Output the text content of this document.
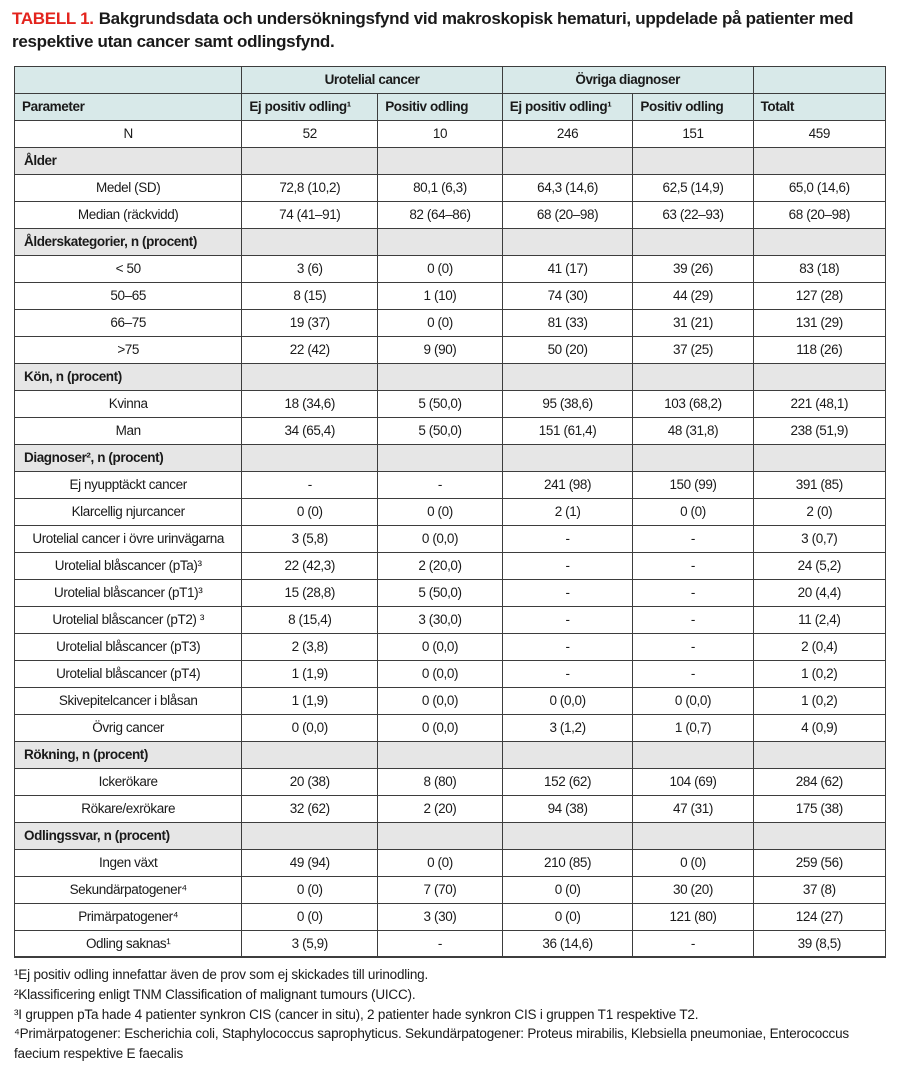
TABELL 1. Bakgrundsdata och undersökningsfynd vid makroskopisk hematuri, uppdelade på patienter med respektive utan cancer samt odlingsfynd.

	Urotelial cancer		Övriga diagnoser		
Parameter	Ej positiv odling¹	Positiv odling	Ej positiv odling¹	Positiv odling	Totalt
N	52	10	246	151	459
Ålder					
Medel (SD)	72,8 (10,2)	80,1 (6,3)	64,3 (14,6)	62,5 (14,9)	65,0 (14,6)
Median (räckvidd)	74 (41–91)	82 (64–86)	68 (20–98)	63 (22–93)	68 (20–98)
Ålderskategorier, n (procent)					
< 50	3 (6)	0 (0)	41 (17)	39 (26)	83 (18)
50–65	8 (15)	1 (10)	74 (30)	44 (29)	127 (28)
66–75	19 (37)	0 (0)	81 (33)	31 (21)	131 (29)
>75	22 (42)	9 (90)	50 (20)	37 (25)	118 (26)
Kön, n (procent)					
Kvinna	18 (34,6)	5 (50,0)	95 (38,6)	103 (68,2)	221 (48,1)
Man	34 (65,4)	5 (50,0)	151 (61,4)	48 (31,8)	238 (51,9)
Diagnoser², n (procent)					
Ej nyupptäckt cancer	-	-	241 (98)	150 (99)	391 (85)
Klarcellig njurcancer	0 (0)	0 (0)	2 (1)	0 (0)	2 (0)
Urotelial cancer i övre urinvägarna	3 (5,8)	0 (0,0)	-	-	3 (0,7)
Urotelial blåscancer (pTa)³	22 (42,3)	2 (20,0)	-	-	24 (5,2)
Urotelial blåscancer (pT1)³	15 (28,8)	5 (50,0)	-	-	20 (4,4)
Urotelial blåscancer (pT2) ³	8 (15,4)	3 (30,0)	-	-	11 (2,4)
Urotelial blåscancer (pT3)	2 (3,8)	0 (0,0)	-	-	2 (0,4)
Urotelial blåscancer (pT4)	1 (1,9)	0 (0,0)	-	-	1 (0,2)
Skivepitelcancer i blåsan	1 (1,9)	0 (0,0)	0 (0,0)	0 (0,0)	1 (0,2)
Övrig cancer	0 (0,0)	0 (0,0)	3 (1,2)	1 (0,7)	4 (0,9)
Rökning, n (procent)					
Ickerökare	20 (38)	8 (80)	152 (62)	104 (69)	284 (62)
Rökare/exrökare	32 (62)	2 (20)	94 (38)	47 (31)	175 (38)
Odlingssvar, n (procent)					
Ingen växt	49 (94)	0 (0)	210 (85)	0 (0)	259 (56)
Sekundärpatogener⁴	0 (0)	7 (70)	0 (0)	30 (20)	37 (8)
Primärpatogener⁴	0 (0)	3 (30)	0 (0)	121 (80)	124 (27)
Odling saknas¹	3 (5,9)	-	36 (14,6)	-	39 (8,5)

¹Ej positiv odling innefattar även de prov som ej skickades till urinodling.

²Klassificering enligt TNM Classification of malignant tumours (UICC).

³I gruppen pTa hade 4 patienter synkron CIS (cancer in situ), 2 patienter hade synkron CIS i gruppen T1 respektive T2.

⁴Primärpatogener: Escherichia coli, Staphylococcus saprophyticus. Sekundärpatogener: Proteus mirabilis, Klebsiella pneumoniae, Enterococcus faecium respektive E faecalis
